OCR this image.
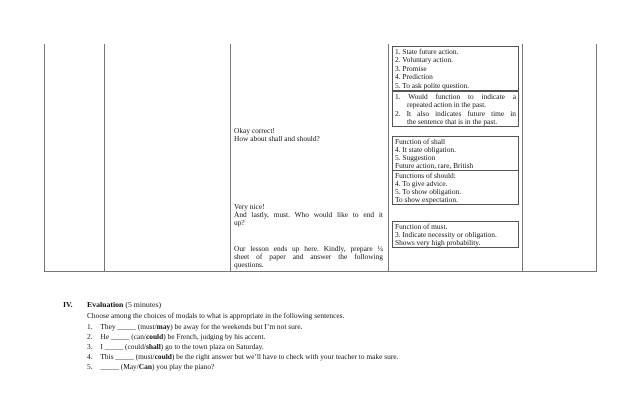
Okay correct!
How about shall and should?
Very nice!
And lastly, must. Who would like to end it
up?
Our lesson ends up here. Kindly, prepare ¼
sheet of paper and answer the following
questions.
1. State future action.
2. Voluntary action.
3. Promise
4. Prediction
5. To ask polite question.
1. Would function to indicate a
repeated action in the past.
2. It also indicates future time in
the sentence that is in the past.
Function of shall
4. It state obligation.
5. Suggestion
Future action, rare, British
Functions of should:
4. To give advice.
5. To show obligation.
To show expectation.
Function of must.
3. Indicate necessity or obligation.
Shows very high probability.
IV. Evaluation (5 minutes)
Choose among the choices of modals to what is appropriate in the following sentences.
1. They _____ (must/may) be away for the weekends but I’m not sure.
2. He _____ (can/could) be French, judging by his accent.
3. I _____ (could/shall) go to the town plaza on Saturday.
4. This _____ (must/could) be the right answer but we’ll have to check with your teacher to make sure.
5. _____ (May/Can) you play the piano?
